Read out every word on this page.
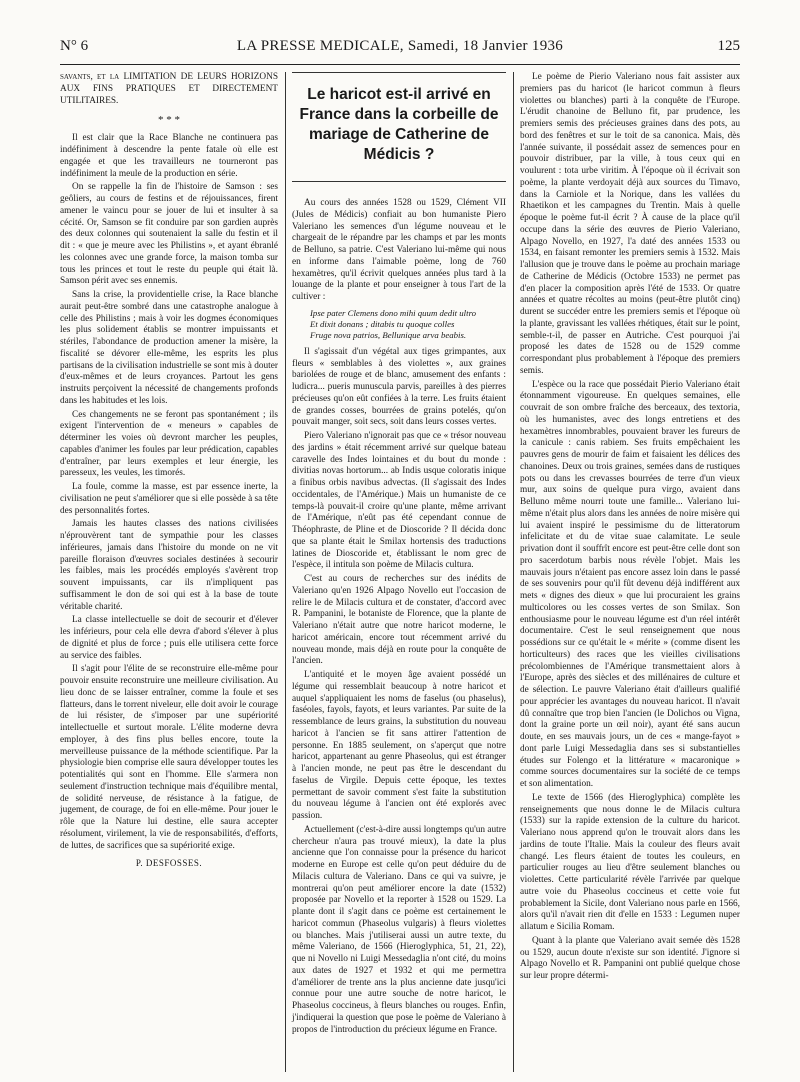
N° 6	LA PRESSE MEDICALE, Samedi, 18 Janvier 1936	125

savants, et la LIMITATION DE LEURS HORIZONS AUX FINS PRATIQUES ET DIRECTEMENT UTILITAIRES.

* * *

Il est clair que la Race Blanche ne continuera pas indéfiniment à descendre la pente fatale où elle est engagée et que les travailleurs ne tourneront pas indéfiniment la meule de la production en série.

On se rappelle la fin de l'histoire de Samson : ses geôliers, au cours de festins et de réjouissances, firent amener le vaincu pour se jouer de lui et insulter à sa cécité. Or, Samson se fit conduire par son gardien auprès des deux colonnes qui soutenaient la salle du festin et il dit : « que je meure avec les Philistins », et ayant ébranlé les colonnes avec une grande force, la maison tomba sur tous les princes et tout le reste du peuple qui était là. Samson périt avec ses ennemis.

Sans la crise, la providentielle crise, la Race blanche aurait peut-être sombré dans une catastrophe analogue à celle des Philistins ; mais à voir les dogmes économiques les plus solidement établis se montrer impuissants et stériles, l'abondance de production amener la misère, la fiscalité se dévorer elle-même, les esprits les plus partisans de la civilisation industrielle se sont mis à douter d'eux-mêmes et de leurs croyances. Partout les gens instruits perçoivent la nécessité de changements profonds dans les habitudes et les lois.

Ces changements ne se feront pas spontanément ; ils exigent l'intervention de « meneurs » capables de déterminer les voies où devront marcher les peuples, capables d'animer les foules par leur prédication, capables d'entraîner, par leurs exemples et leur énergie, les paresseux, les veules, les timorés.

La foule, comme la masse, est par essence inerte, la civilisation ne peut s'améliorer que si elle possède à sa tête des personnalités fortes.

Jamais les hautes classes des nations civilisées n'éprouvèrent tant de sympathie pour les classes inférieures, jamais dans l'histoire du monde on ne vit pareille floraison d'œuvres sociales destinées à secourir les faibles, mais les procédés employés s'avèrent trop souvent impuissants, car ils n'impliquent pas suffisamment le don de soi qui est à la base de toute véritable charité.

La classe intellectuelle se doit de secourir et d'élever les inférieurs, pour cela elle devra d'abord s'élever à plus de dignité et plus de force ; puis elle utilisera cette force au service des faibles.

Il s'agit pour l'élite de se reconstruire elle-même pour pouvoir ensuite reconstruire une meilleure civilisation. Au lieu donc de se laisser entraîner, comme la foule et ses flatteurs, dans le torrent niveleur, elle doit avoir le courage de lui résister, de s'imposer par une supériorité intellectuelle et surtout morale. L'élite moderne devra employer, à des fins plus belles encore, toute la merveilleuse puissance de la méthode scientifique. Par la physiologie bien comprise elle saura développer toutes les potentialités qui sont en l'homme. Elle s'armera non seulement d'instruction technique mais d'équilibre mental, de solidité nerveuse, de résistance à la fatigue, de jugement, de courage, de foi en elle-même. Pour jouer le rôle que la Nature lui destine, elle saura accepter résolument, virilement, la vie de responsabilités, d'efforts, de luttes, de sacrifices que sa supériorité exige.

P. DESFOSSES.
Le haricot est-il arrivé en France dans la corbeille de mariage de Catherine de Médicis ?

Au cours des années 1528 ou 1529, Clément VII (Jules de Médicis) confiait au bon humaniste Piero Valeriano les semences d'un légume nouveau et le chargeait de le répandre par les champs et par les monts de Belluno, sa patrie. C'est Valeriano lui-même qui nous en informe dans l'aimable poème, long de 760 hexamètres, qu'il écrivit quelques années plus tard à la louange de la plante et pour enseigner à tous l'art de la cultiver :

Ipse pater Clemens dono mihi quum dedit ultro
Et dixit donans ; ditabis tu quoque colles
Fruge nova patrios, Bellunique arva beabis.

Il s'agissait d'un végétal aux tiges grimpantes, aux fleurs « semblables à des violettes », aux graines bariolées de rouge et de blanc, amusement des enfants : ludicra... pueris munuscula parvis, pareilles à des pierres précieuses qu'on eût confiées à la terre. Les fruits étaient de grandes cosses, bourrées de grains potelés, qu'on pouvait manger, soit secs, soit dans leurs cosses vertes.

Piero Valeriano n'ignorait pas que ce « trésor nouveau des jardins » était récemment arrivé sur quelque bateau caravelle des Indes lointaines et du bout du monde : divitias novas hortorum... ab Indis usque coloratis inique a finibus orbis navibus advectas. (Il s'agissait des Indes occidentales, de l'Amérique.) Mais un humaniste de ce temps-là pouvait-il croire qu'une plante, même arrivant de l'Amérique, n'eût pas été cependant connue de Théophraste, de Pline et de Dioscoride ? Il décida donc que sa plante était le Smilax hortensis des traductions latines de Dioscoride et, établissant le nom grec de l'espèce, il intitula son poème de Milacis cultura.

C'est au cours de recherches sur des inédits de Valeriano qu'en 1926 Alpago Novello eut l'occasion de relire le de Milacis cultura et de constater, d'accord avec R. Pampanini, le botaniste de Florence, que la plante de Valeriano n'était autre que notre haricot moderne, le haricot américain, encore tout récemment arrivé du nouveau monde, mais déjà en route pour la conquête de l'ancien.

L'antiquité et le moyen âge avaient possédé un légume qui ressemblait beaucoup à notre haricot et auquel s'appliquaient les noms de faselus (ou phaselus), faséoles, fayols, fayots, et leurs variantes. Par suite de la ressemblance de leurs grains, la substitution du nouveau haricot à l'ancien se fit sans attirer l'attention de personne. En 1885 seulement, on s'aperçut que notre haricot, appartenant au genre Phaseolus, qui est étranger à l'ancien monde, ne peut pas être le descendant du faselus de Virgile. Depuis cette époque, les textes permettant de savoir comment s'est faite la substitution du nouveau légume à l'ancien ont été explorés avec passion.

Actuellement (c'est-à-dire aussi longtemps qu'un autre chercheur n'aura pas trouvé mieux), la date la plus ancienne que l'on connaisse pour la présence du haricot moderne en Europe est celle qu'on peut déduire du de Milacis cultura de Valeriano. Dans ce qui va suivre, je montrerai qu'on peut améliorer encore la date (1532) proposée par Novello et la reporter à 1528 ou 1529. La plante dont il s'agit dans ce poème est certainement le haricot commun (Phaseolus vulgaris) à fleurs violettes ou blanches. Mais j'utiliserai aussi un autre texte, du même Valeriano, de 1566 (Hieroglyphica, 51, 21, 22), que ni Novello ni Luigi Messedaglia n'ont cité, du moins aux dates de 1927 et 1932 et qui me permettra d'améliorer de trente ans la plus ancienne date jusqu'ici connue pour une autre souche de notre haricot, le Phaseolus coccineus, à fleurs blanches ou rouges. Enfin, j'indiquerai la question que pose le poème de Valeriano à propos de l'introduction du précieux légume en France.

Le poème de Pierio Valeriano nous fait assister aux premiers pas du haricot (le haricot commun à fleurs violettes ou blanches) parti à la conquête de l'Europe. L'érudit chanoine de Belluno fit, par prudence, les premiers semis des précieuses graines dans des pots, au bord des fenêtres et sur le toit de sa canonica. Mais, dès l'année suivante, il possédait assez de semences pour en pouvoir distribuer, par la ville, à tous ceux qui en voulurent : tota urbe viritim. À l'époque où il écrivait son poème, la plante verdoyait déjà aux sources du Timavo, dans la Carniole et la Norique, dans les vallées du Rhaetikon et les campagnes du Trentin. Mais à quelle époque le poème fut-il écrit ? À cause de la place qu'il occupe dans la série des œuvres de Pierio Valeriano, Alpago Novello, en 1927, l'a daté des années 1533 ou 1534, en faisant remonter les premiers semis à 1532. Mais l'allusion que je trouve dans le poème au prochain mariage de Catherine de Médicis (Octobre 1533) ne permet pas d'en placer la composition après l'été de 1533. Or quatre années et quatre récoltes au moins (peut-être plutôt cinq) durent se succéder entre les premiers semis et l'époque où la plante, gravissant les vallées rhétiques, était sur le point, semble-t-il, de passer en Autriche. C'est pourquoi j'ai proposé les dates de 1528 ou de 1529 comme correspondant plus probablement à l'époque des premiers semis.

L'espèce ou la race que possédait Pierio Valeriano était étonnamment vigoureuse. En quelques semaines, elle couvrait de son ombre fraîche des berceaux, des textoria, où les humanistes, avec des longs entretiens et des hexamètres innombrables, pouvaient braver les fureurs de la canicule : canis rabiem. Ses fruits empêchaient les pauvres gens de mourir de faim et faisaient les délices des chanoines. Deux ou trois graines, semées dans de rustiques pots ou dans les crevasses bourrées de terre d'un vieux mur, aux soins de quelque pura virgo, avaient dans Belluno même nourri toute une famille... Valeriano lui-même n'était plus alors dans les années de noire misère qui lui avaient inspiré le pessimisme du de litteratorum infelicitate et du de vitae suae calamitate. Le seule privation dont il souffrît encore est peut-être celle dont son pro sacerdotum barbis nous révèle l'objet. Mais les mauvais jours n'étaient pas encore assez loin dans le passé de ses souvenirs pour qu'il fût devenu déjà indifférent aux mets « dignes des dieux » que lui procuraient les grains multicolores ou les cosses vertes de son Smilax. Son enthousiasme pour le nouveau légume est d'un réel intérêt documentaire. C'est le seul renseignement que nous possédions sur ce qu'était le « mérite » (comme disent les horticulteurs) des races que les vieilles civilisations précolombiennes de l'Amérique transmettaient alors à l'Europe, après des siècles et des millénaires de culture et de sélection. Le pauvre Valeriano était d'ailleurs qualifié pour apprécier les avantages du nouveau haricot. Il n'avait dû connaître que trop bien l'ancien (le Dolichos ou Vigna, dont la graine porte un œil noir), ayant été sans aucun doute, en ses mauvais jours, un de ces « mange-fayot » dont parle Luigi Messedaglia dans ses si substantielles études sur Folengo et la littérature « macaronique » comme sources documentaires sur la société de ce temps et son alimentation.

Le texte de 1566 (des Hieroglyphica) complète les renseignements que nous donne le de Milacis cultura (1533) sur la rapide extension de la culture du haricot. Valeriano nous apprend qu'on le trouvait alors dans les jardins de toute l'Italie. Mais la couleur des fleurs avait changé. Les fleurs étaient de toutes les couleurs, en particulier rouges au lieu d'être seulement blanches ou violettes. Cette particularité révèle l'arrivée par quelque autre voie du Phaseolus coccineus et cette voie fut probablement la Sicile, dont Valeriano nous parle en 1566, alors qu'il n'avait rien dit d'elle en 1533 : Legumen nuper allatum e Sicilia Romam.

Quant à la plante que Valeriano avait semée dès 1528 ou 1529, aucun doute n'existe sur son identité. J'ignore si Alpago Novello et R. Pampanini ont publié quelque chose sur leur propre détermi-
